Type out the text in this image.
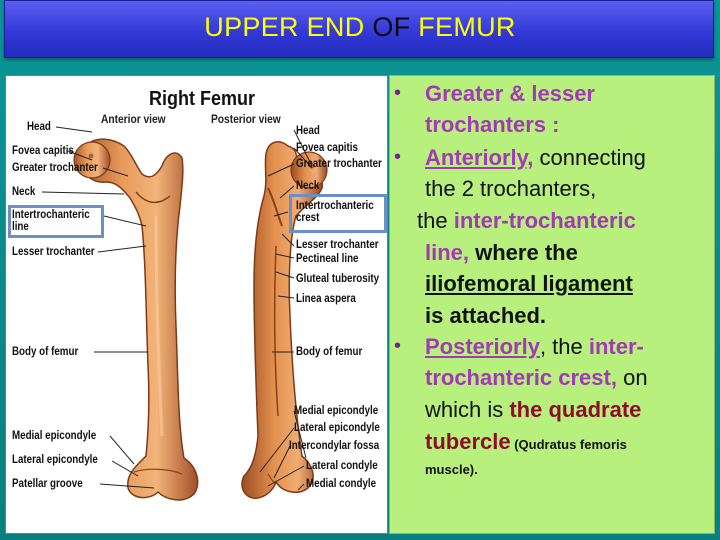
UPPER END OF FEMUR
Right Femur
Anterior view	Posterior view
Head
Fovea capitis
Greater trochanter
Neck
Intertrochanteric line
Lesser trochanter
Body of femur
Medial epicondyle
Lateral epicondyle
Patellar groove
Head
Fovea capitis
Greater trochanter
Neck
Intertrochanteric crest
Lesser trochanter
Pectineal line
Gluteal tuberosity
Linea aspera
Body of femur
Medial epicondyle
Lateral epicondyle
Intercondylar fossa
Lateral condyle
Medial condyle
• Greater & lesser
trochanters :
• Anteriorly, connecting
the 2 trochanters,
the inter-trochanteric
line, where the
iliofemoral ligament
is attached.
• Posteriorly, the inter-
trochanteric crest, on
which is the quadrate
tubercle (Qudratus femoris
muscle).
